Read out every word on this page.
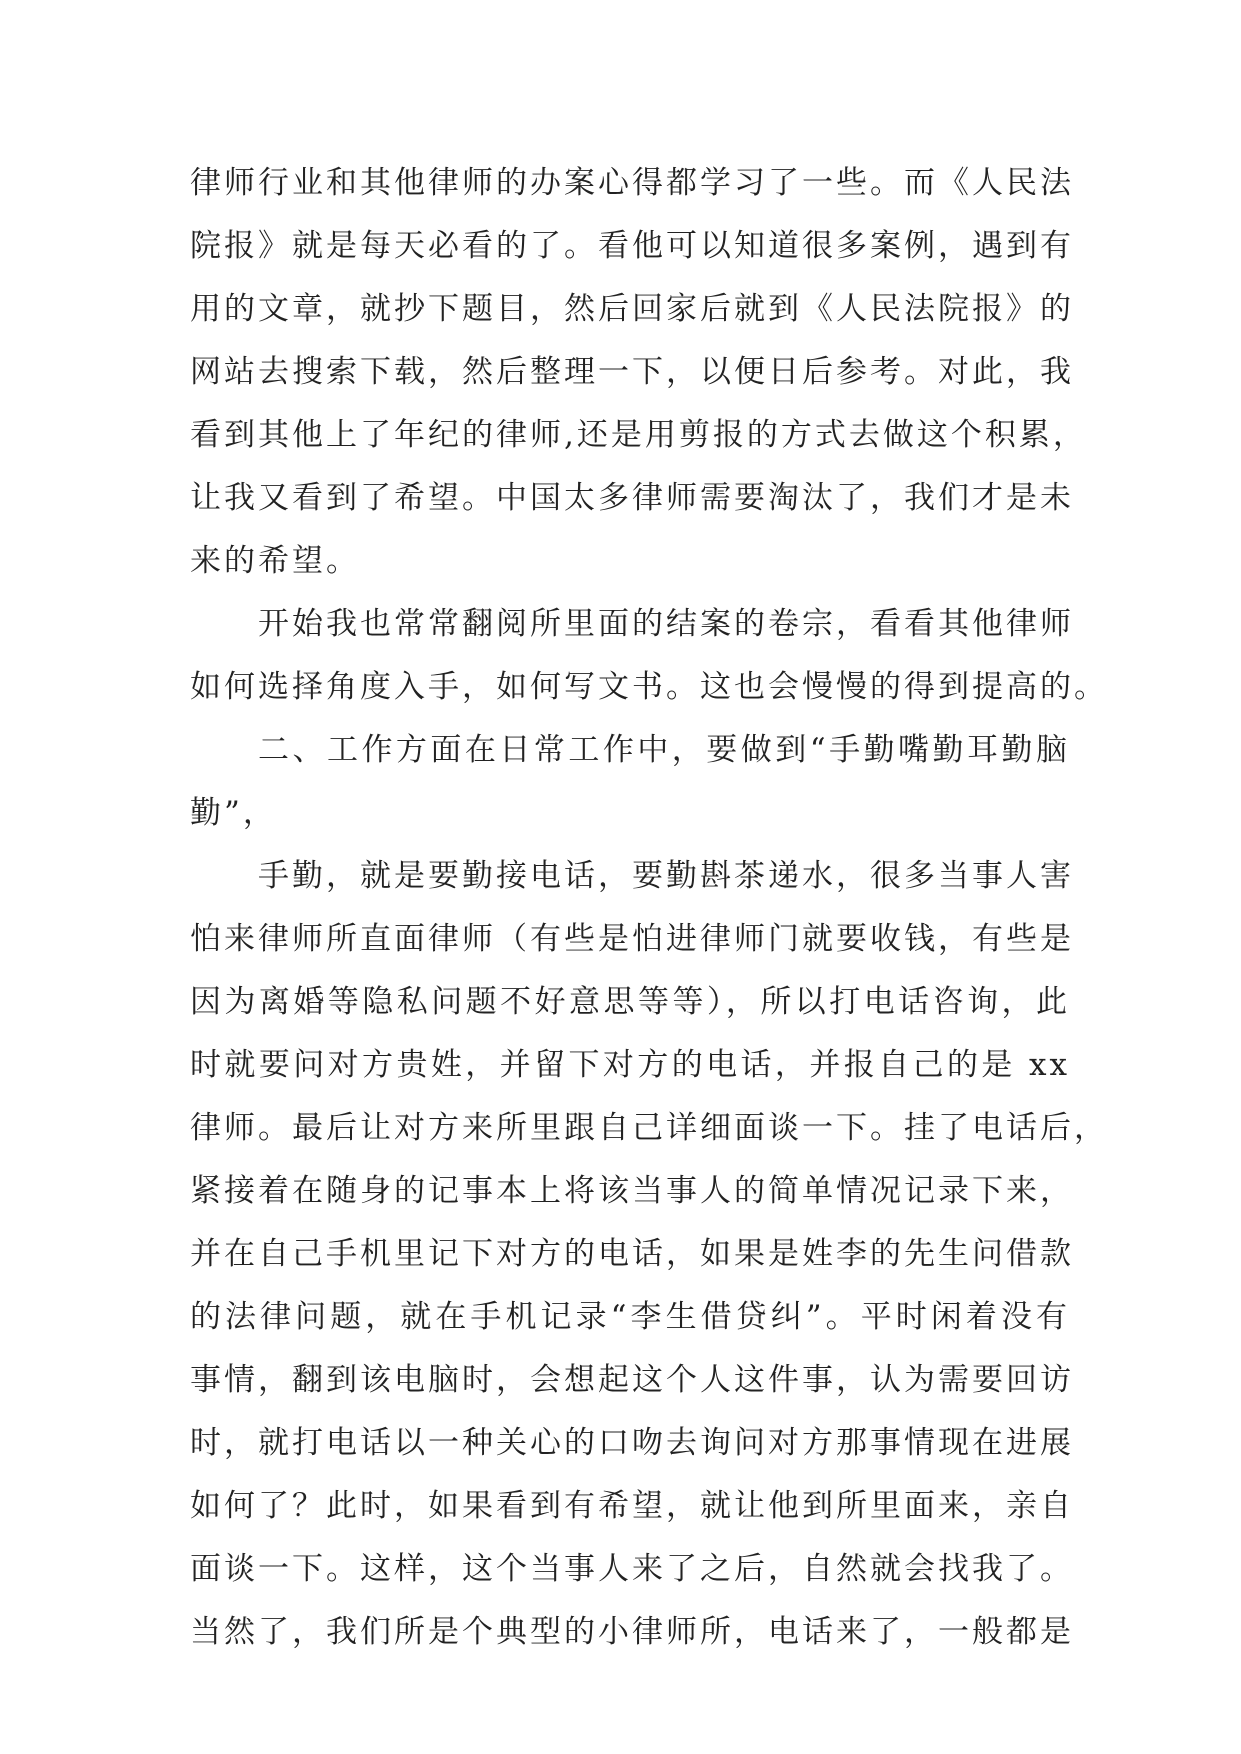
律师行业和其他律师的办案心得都学习了一些。而《人民法
院报》就是每天必看的了。看他可以知道很多案例，遇到有
用的文章，就抄下题目，然后回家后就到《人民法院报》的
网站去搜索下载，然后整理一下，以便日后参考。对此，我
看到其他上了年纪的律师,还是用剪报的方式去做这个积累，
让我又看到了希望。中国太多律师需要淘汰了，我们才是未
来的希望。
开始我也常常翻阅所里面的结案的卷宗，看看其他律师
如何选择角度入手，如何写文书。这也会慢慢的得到提高的。
二、工作方面在日常工作中，要做到“手勤嘴勤耳勤脑
勤”，
手勤，就是要勤接电话，要勤斟茶递水，很多当事人害
怕来律师所直面律师（有些是怕进律师门就要收钱，有些是
因为离婚等隐私问题不好意思等等），所以打电话咨询，此
时就要问对方贵姓，并留下对方的电话，并报自己的是 xx
律师。最后让对方来所里跟自己详细面谈一下。挂了电话后，
紧接着在随身的记事本上将该当事人的简单情况记录下来，
并在自己手机里记下对方的电话，如果是姓李的先生问借款
的法律问题，就在手机记录“李生借贷纠”。平时闲着没有
事情，翻到该电脑时，会想起这个人这件事，认为需要回访
时，就打电话以一种关心的口吻去询问对方那事情现在进展
如何了？此时，如果看到有希望，就让他到所里面来，亲自
面谈一下。这样，这个当事人来了之后，自然就会找我了。
当然了，我们所是个典型的小律师所，电话来了，一般都是
